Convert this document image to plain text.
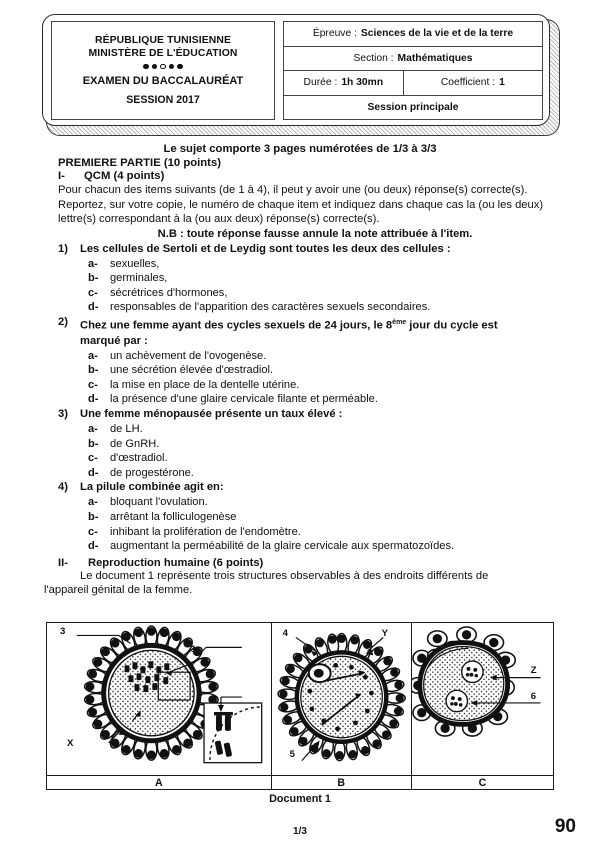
RÉPUBLIQUE TUNISIENNE
MINISTÈRE DE L'ÉDUCATION
EXAMEN DU BACCALAURÉAT
SESSION 2017
Épreuve : Sciences de la vie et de la terre
Section : Mathématiques
Durée : 1h 30mn	Coefficient : 1
Session principale
Le sujet comporte 3 pages numérotées de 1/3 à 3/3
PREMIERE PARTIE (10 points)
I- QCM (4 points)
Pour chacun des items suivants (de 1 à 4), il peut y avoir une (ou deux) réponse(s) correcte(s). Reportez, sur votre copie, le numéro de chaque item et indiquez dans chaque cas la (ou les deux) lettre(s) correspondant à la (ou aux deux) réponse(s) correcte(s).
N.B : toute réponse fausse annule la note attribuée à l'item.
1)	Les cellules de Sertoli et de Leydig sont toutes les deux des cellules :
a-	sexuelles,
b-	germinales,
c-	sécrétrices d'hormones,
d-	responsables de l'apparition des caractères sexuels secondaires.
2)	Chez une femme ayant des cycles sexuels de 24 jours, le 8ème jour du cycle est
marqué par :
a-	un achèvement de l'ovogenèse.
b-	une sécrétion élevée d'œstradiol.
c-	la mise en place de la dentelle utérine.
d-	la présence d'une glaire cervicale filante et perméable.
3)	Une femme ménopausée présente un taux élevé :
a-	de LH.
b-	de GnRH.
c-	d'œstradiol.
d-	de progestérone.
4)	La pilule combinée agit en:
a-	bloquant l'ovulation.
b-	arrêtant la folliculogenèse
c-	inhibant la prolifération de l'endomètre.
d-	augmentant la perméabilité de la glaire cervicale aux spermatozoïdes.
II-	Reproduction humaine (6 points)
Le document 1 représente trois structures observables à des endroits différents de
l'appareil génital de la femme.
3
1
2
X
4	Y
5
Z
6
A	B	C
Document 1
1/3	90
